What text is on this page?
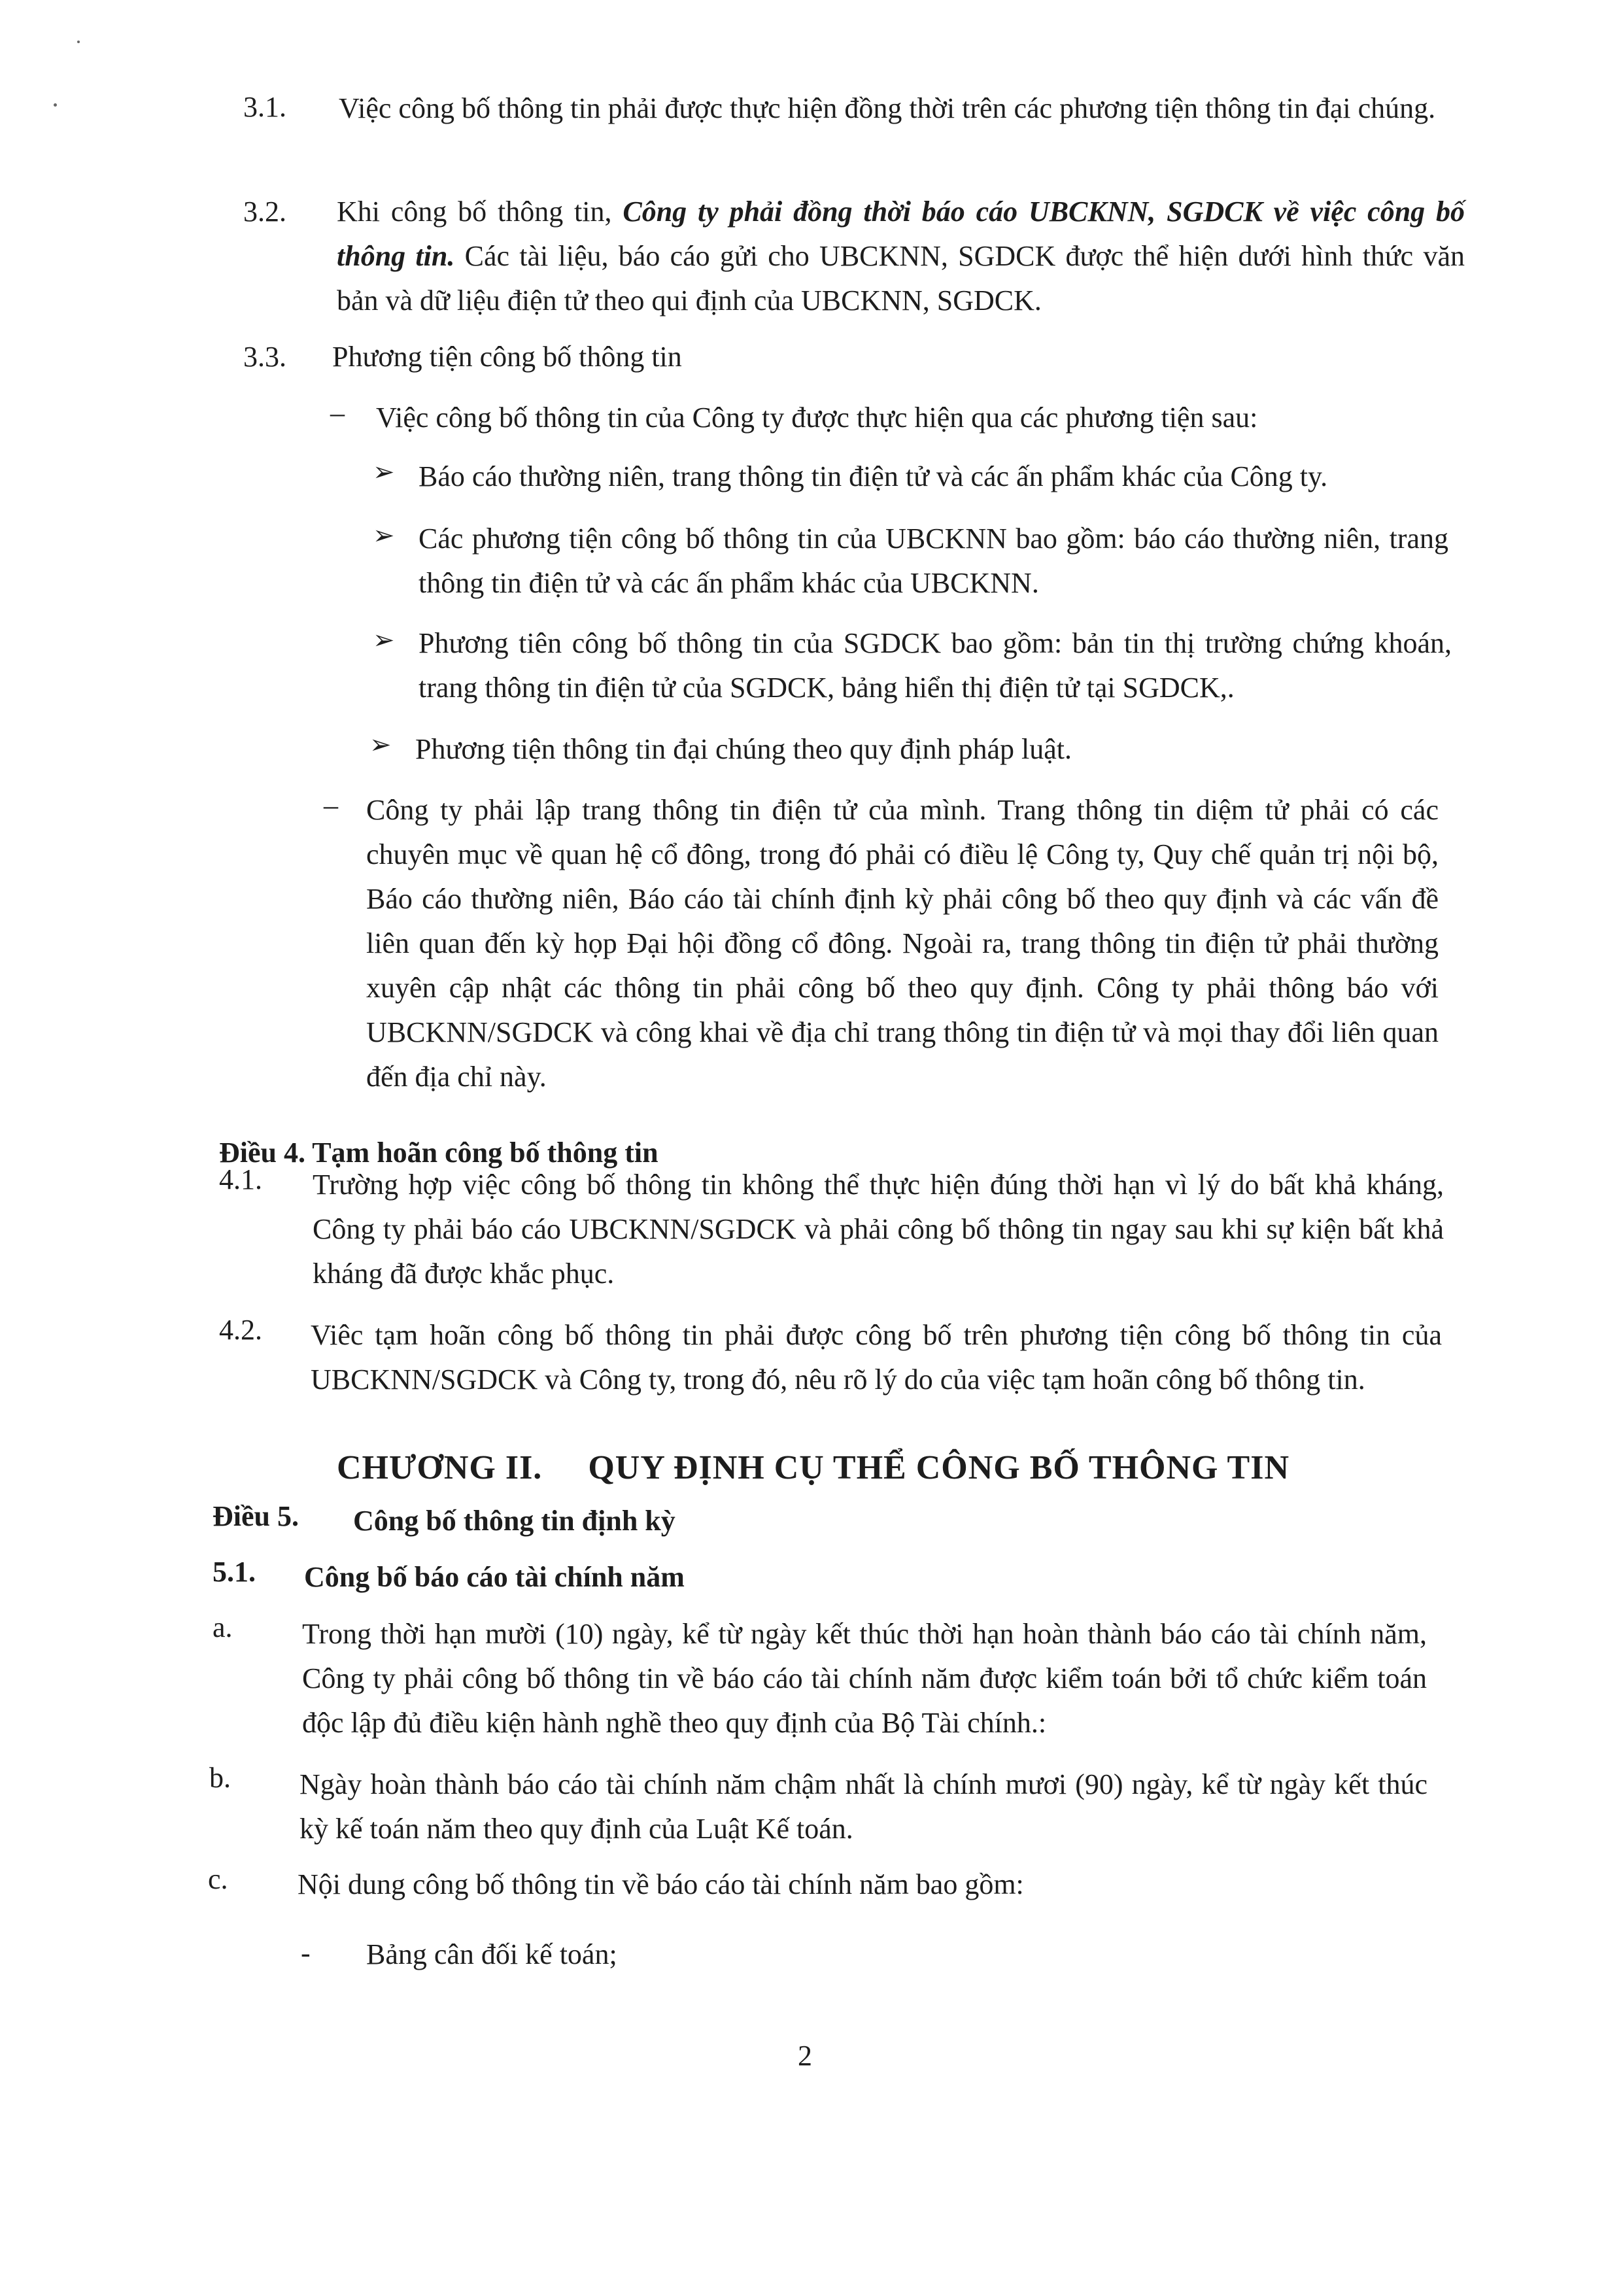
3.1. Việc công bố thông tin phải được thực hiện đồng thời trên các phương tiện thông tin đại chúng.

3.2. Khi công bố thông tin, Công ty phải đồng thời báo cáo UBCKNN, SGDCK về việc công bố thông tin. Các tài liệu, báo cáo gửi cho UBCKNN, SGDCK được thể hiện dưới hình thức văn bản và dữ liệu điện tử theo qui định của UBCKNN, SGDCK.

3.3. Phương tiện công bố thông tin

– Việc công bố thông tin của Công ty được thực hiện qua các phương tiện sau:

➢ Báo cáo thường niên, trang thông tin điện tử và các ấn phẩm khác của Công ty.

➢ Các phương tiện công bố thông tin của UBCKNN bao gồm: báo cáo thường niên, trang thông tin điện tử và các ấn phẩm khác của UBCKNN.

➢ Phương tiên công bố thông tin của SGDCK bao gồm: bản tin thị trường chứng khoán, trang thông tin điện tử của SGDCK, bảng hiển thị điện tử tại SGDCK,.

➢ Phương tiện thông tin đại chúng theo quy định pháp luật.

– Công ty phải lập trang thông tin điện tử của mình. Trang thông tin diệm tử phải có các chuyên mục về quan hệ cổ đông, trong đó phải có điều lệ Công ty, Quy chế quản trị nội bộ, Báo cáo thường niên, Báo cáo tài chính định kỳ phải công bố theo quy định và các vấn đề liên quan đến kỳ họp Đại hội đồng cổ đông. Ngoài ra, trang thông tin điện tử phải thường xuyên cập nhật các thông tin phải công bố theo quy định. Công ty phải thông báo với UBCKNN/SGDCK và công khai về địa chỉ trang thông tin điện tử và mọi thay đổi liên quan đến địa chỉ này.

Điều 4. Tạm hoãn công bố thông tin

4.1. Trường hợp việc công bố thông tin không thể thực hiện đúng thời hạn vì lý do bất khả kháng, Công ty phải báo cáo UBCKNN/SGDCK và phải công bố thông tin ngay sau khi sự kiện bất khả kháng đã được khắc phục.

4.2. Viêc tạm hoãn công bố thông tin phải được công bố trên phương tiện công bố thông tin của UBCKNN/SGDCK và Công ty, trong đó, nêu rõ lý do của việc tạm hoãn công bố thông tin.

CHƯƠNG II. QUY ĐỊNH CỤ THỂ CÔNG BỐ THÔNG TIN
Điều 5. Công bố thông tin định kỳ
5.1. Công bố báo cáo tài chính năm
a. Trong thời hạn mười (10) ngày, kể từ ngày kết thúc thời hạn hoàn thành báo cáo tài chính năm, Công ty phải công bố thông tin về báo cáo tài chính năm được kiểm toán bởi tổ chức kiểm toán độc lập đủ điều kiện hành nghề theo quy định của Bộ Tài chính.:

b. Ngày hoàn thành báo cáo tài chính năm chậm nhất là chính mươi (90) ngày, kể từ ngày kết thúc kỳ kế toán năm theo quy định của Luật Kế toán.

c. Nội dung công bố thông tin về báo cáo tài chính năm bao gồm:

- Bảng cân đối kế toán;

2
